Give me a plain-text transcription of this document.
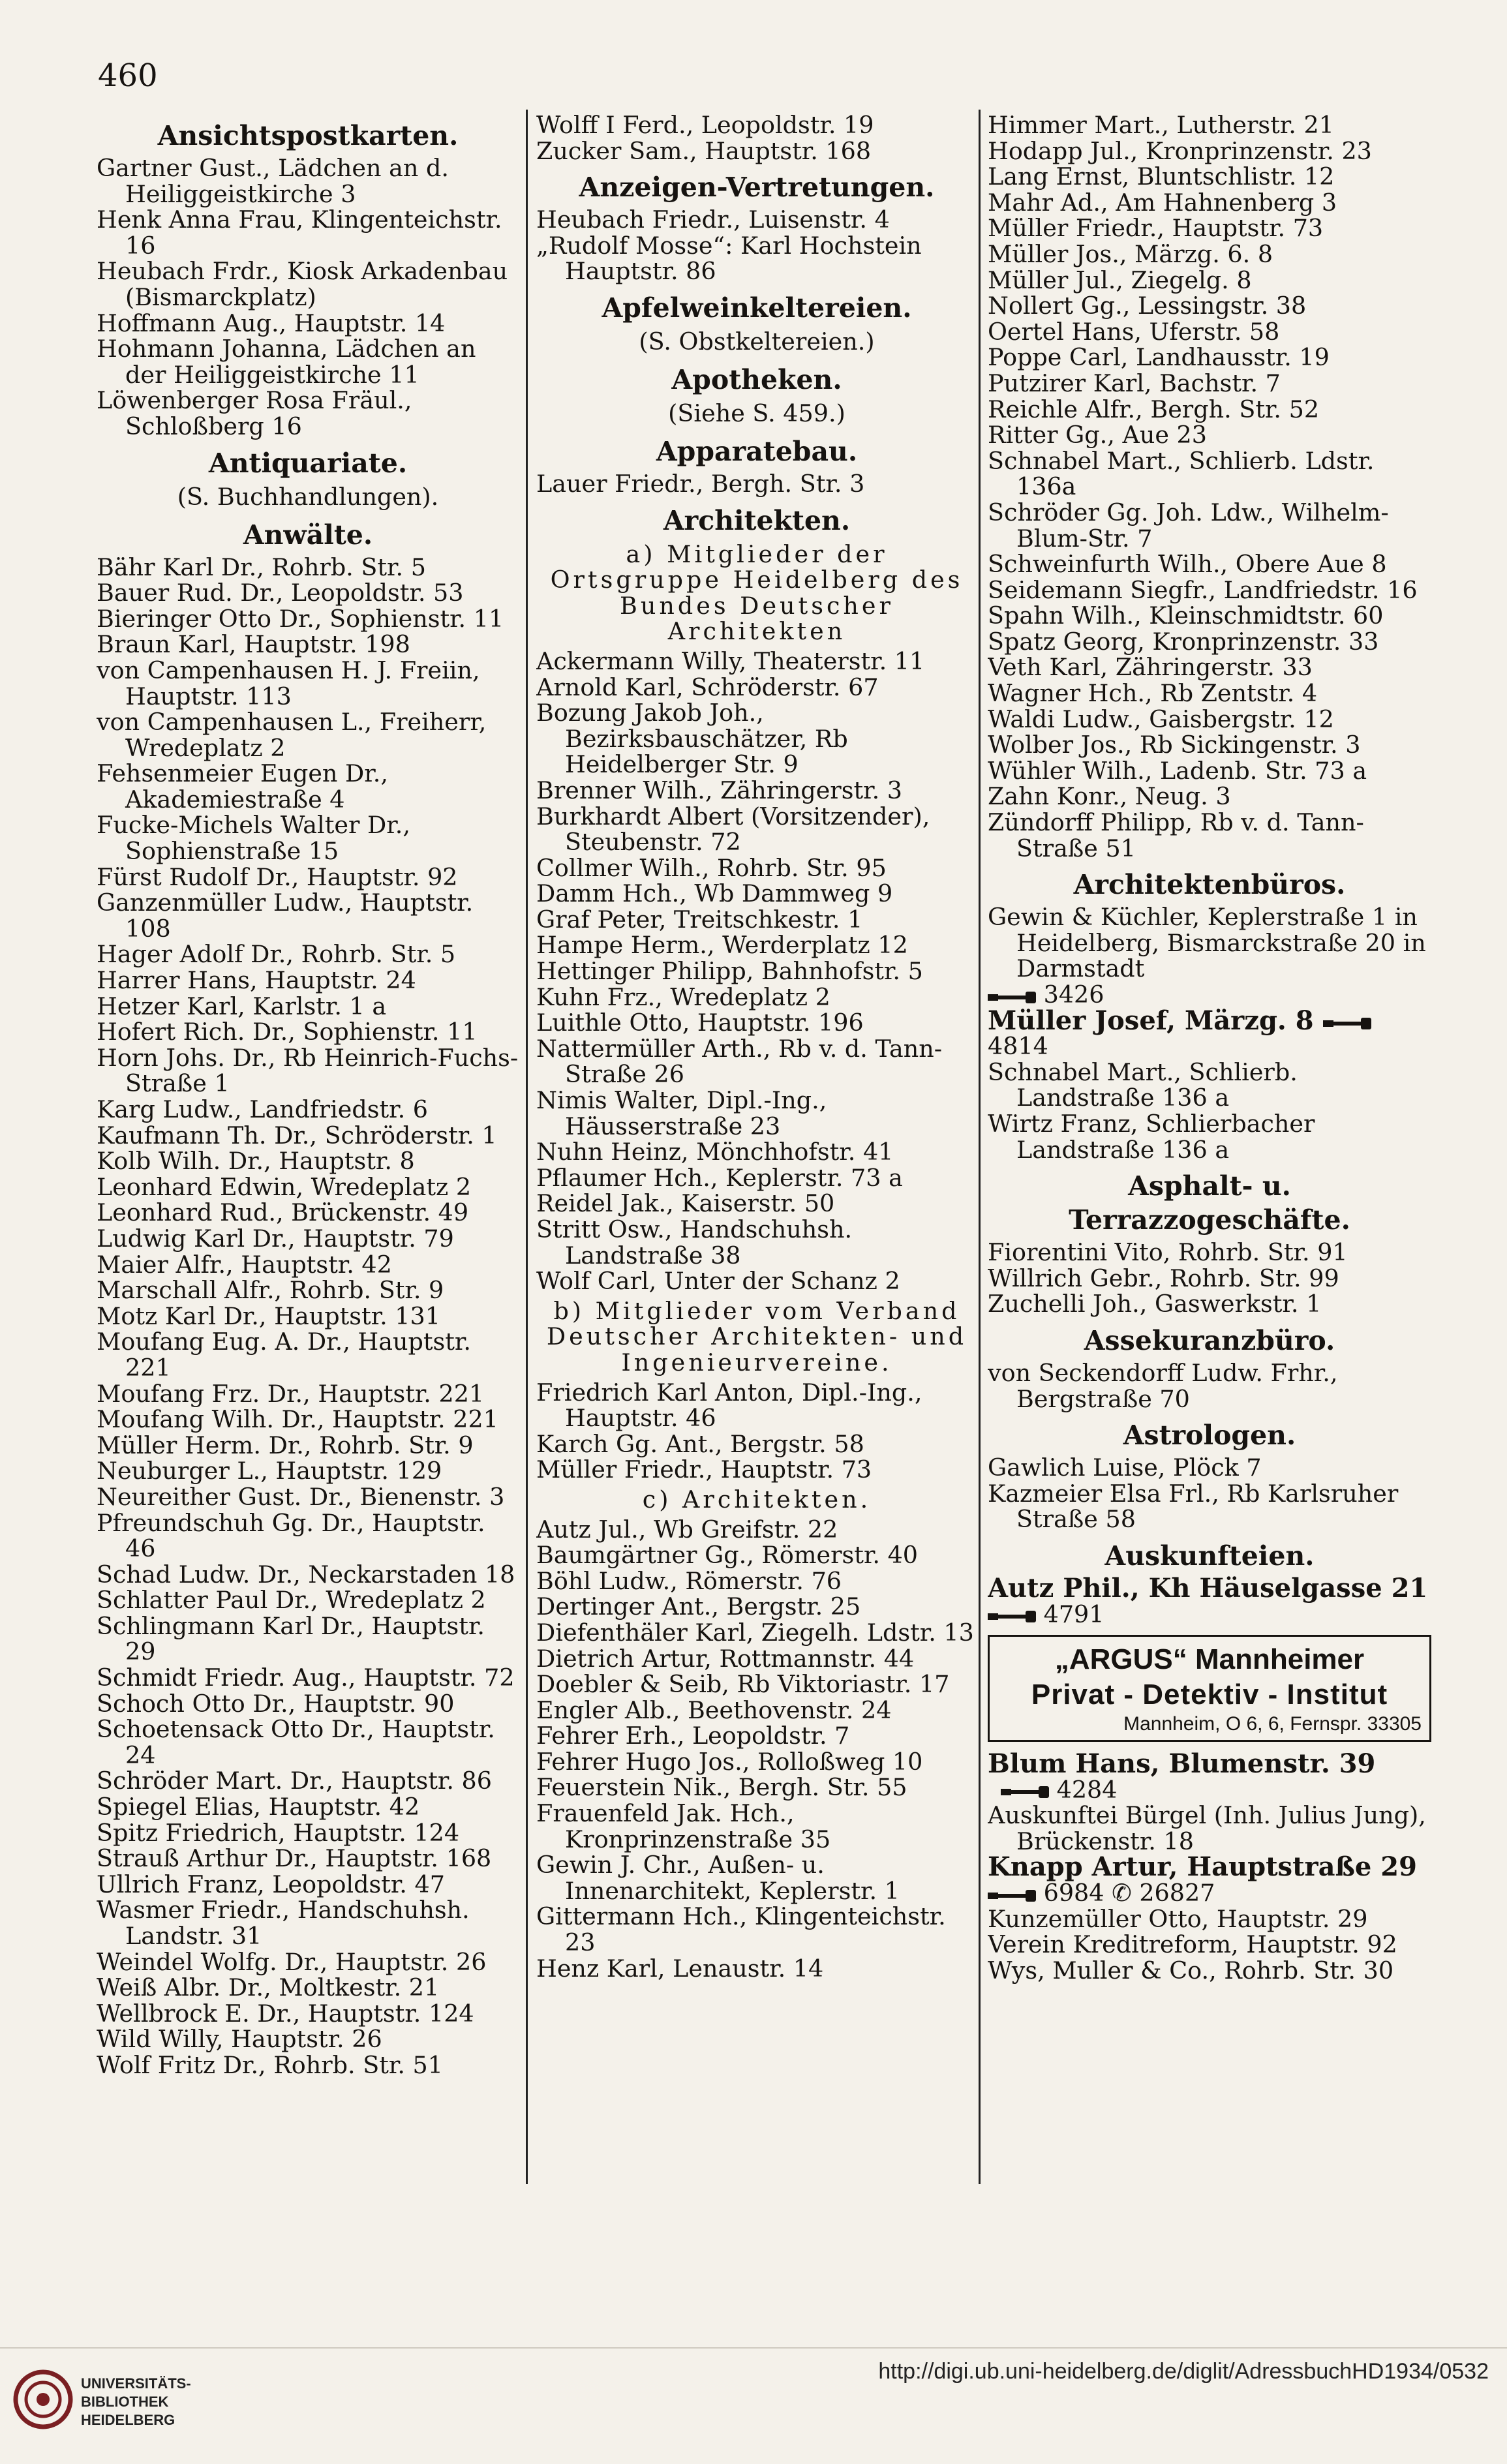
460
Ansichtspostkarten.
Gartner Gust., Lädchen an d. Heiliggeistkirche 3
Henk Anna Frau, Klingenteichstr. 16
Heubach Frdr., Kiosk Arkadenbau (Bismarckplatz)
Hoffmann Aug., Hauptstr. 14
Hohmann Johanna, Lädchen an der Heiliggeistkirche 11
Löwenberger Rosa Fräul., Schloßberg 16
Antiquariate.
(S. Buchhandlungen).
Anwälte.
Bähr Karl Dr., Rohrb. Str. 5
Bauer Rud. Dr., Leopoldstr. 53
Bieringer Otto Dr., Sophienstr. 11
Braun Karl, Hauptstr. 198
von Campenhausen H. J. Freiin, Hauptstr. 113
von Campenhausen L., Freiherr, Wredeplatz 2
Fehsenmeier Eugen Dr., Akademiestraße 4
Fucke-Michels Walter Dr., Sophienstraße 15
Fürst Rudolf Dr., Hauptstr. 92
Ganzenmüller Ludw., Hauptstr. 108
Hager Adolf Dr., Rohrb. Str. 5
Harrer Hans, Hauptstr. 24
Hetzer Karl, Karlstr. 1 a
Hofert Rich. Dr., Sophienstr. 11
Horn Johs. Dr., Rb Heinrich-Fuchs-Straße 1
Karg Ludw., Landfriedstr. 6
Kaufmann Th. Dr., Schröderstr. 1
Kolb Wilh. Dr., Hauptstr. 8
Leonhard Edwin, Wredeplatz 2
Leonhard Rud., Brückenstr. 49
Ludwig Karl Dr., Hauptstr. 79
Maier Alfr., Hauptstr. 42
Marschall Alfr., Rohrb. Str. 9
Motz Karl Dr., Hauptstr. 131
Moufang Eug. A. Dr., Hauptstr. 221
Moufang Frz. Dr., Hauptstr. 221
Moufang Wilh. Dr., Hauptstr. 221
Müller Herm. Dr., Rohrb. Str. 9
Neuburger L., Hauptstr. 129
Neureither Gust. Dr., Bienenstr. 3
Pfreundschuh Gg. Dr., Hauptstr. 46
Schad Ludw. Dr., Neckarstaden 18
Schlatter Paul Dr., Wredeplatz 2
Schlingmann Karl Dr., Hauptstr. 29
Schmidt Friedr. Aug., Hauptstr. 72
Schoch Otto Dr., Hauptstr. 90
Schoetensack Otto Dr., Hauptstr. 24
Schröder Mart. Dr., Hauptstr. 86
Spiegel Elias, Hauptstr. 42
Spitz Friedrich, Hauptstr. 124
Strauß Arthur Dr., Hauptstr. 168
Ullrich Franz, Leopoldstr. 47
Wasmer Friedr., Handschuhsh. Landstr. 31
Weindel Wolfg. Dr., Hauptstr. 26
Weiß Albr. Dr., Moltkestr. 21
Wellbrock E. Dr., Hauptstr. 124
Wild Willy, Hauptstr. 26
Wolf Fritz Dr., Rohrb. Str. 51
Wolff I Ferd., Leopoldstr. 19
Zucker Sam., Hauptstr. 168
Anzeigen-Vertretungen.
Heubach Friedr., Luisenstr. 4
„Rudolf Mosse“: Karl Hochstein Hauptstr. 86
Apfelweinkeltereien.
(S. Obstkeltereien.)
Apotheken.
(Siehe S. 459.)
Apparatebau.
Lauer Friedr., Bergh. Str. 3
Architekten.
a) Mitglieder der Ortsgruppe Heidelberg des Bundes Deutscher Architekten
Ackermann Willy, Theaterstr. 11
Arnold Karl, Schröderstr. 67
Bozung Jakob Joh., Bezirksbauschätzer, Rb Heidelberger Str. 9
Brenner Wilh., Zähringerstr. 3
Burkhardt Albert (Vorsitzender), Steubenstr. 72
Collmer Wilh., Rohrb. Str. 95
Damm Hch., Wb Dammweg 9
Graf Peter, Treitschkestr. 1
Hampe Herm., Werderplatz 12
Hettinger Philipp, Bahnhofstr. 5
Kuhn Frz., Wredeplatz 2
Luithle Otto, Hauptstr. 196
Nattermüller Arth., Rb v. d. Tann-Straße 26
Nimis Walter, Dipl.-Ing., Häusserstraße 23
Nuhn Heinz, Mönchhofstr. 41
Pflaumer Hch., Keplerstr. 73 a
Reidel Jak., Kaiserstr. 50
Stritt Osw., Handschuhsh. Landstraße 38
Wolf Carl, Unter der Schanz 2
b) Mitglieder vom Verband Deutscher Architekten- und Ingenieurvereine.
Friedrich Karl Anton, Dipl.-Ing., Hauptstr. 46
Karch Gg. Ant., Bergstr. 58
Müller Friedr., Hauptstr. 73
c) Architekten.
Autz Jul., Wb Greifstr. 22
Baumgärtner Gg., Römerstr. 40
Böhl Ludw., Römerstr. 76
Dertinger Ant., Bergstr. 25
Diefenthäler Karl, Ziegelh. Ldstr. 13
Dietrich Artur, Rottmannstr. 44
Doebler & Seib, Rb Viktoriastr. 17
Engler Alb., Beethovenstr. 24
Fehrer Erh., Leopoldstr. 7
Fehrer Hugo Jos., Rolloßweg 10
Feuerstein Nik., Bergh. Str. 55
Frauenfeld Jak. Hch., Kronprinzenstraße 35
Gewin J. Chr., Außen- u. Innenarchitekt, Keplerstr. 1
Gittermann Hch., Klingenteichstr. 23
Henz Karl, Lenaustr. 14
Himmer Mart., Lutherstr. 21
Hodapp Jul., Kronprinzenstr. 23
Lang Ernst, Bluntschlistr. 12
Mahr Ad., Am Hahnenberg 3
Müller Friedr., Hauptstr. 73
Müller Jos., Märzg. 6. 8
Müller Jul., Ziegelg. 8
Nollert Gg., Lessingstr. 38
Oertel Hans, Uferstr. 58
Poppe Carl, Landhausstr. 19
Putzirer Karl, Bachstr. 7
Reichle Alfr., Bergh. Str. 52
Ritter Gg., Aue 23
Schnabel Mart., Schlierb. Ldstr. 136a
Schröder Gg. Joh. Ldw., Wilhelm-Blum-Str. 7
Schweinfurth Wilh., Obere Aue 8
Seidemann Siegfr., Landfriedstr. 16
Spahn Wilh., Kleinschmidtstr. 60
Spatz Georg, Kronprinzenstr. 33
Veth Karl, Zähringerstr. 33
Wagner Hch., Rb Zentstr. 4
Waldi Ludw., Gaisbergstr. 12
Wolber Jos., Rb Sickingenstr. 3
Wühler Wilh., Ladenb. Str. 73 a
Zahn Konr., Neug. 3
Zündorff Philipp, Rb v. d. Tann-Straße 51
Architektenbüros.
Gewin & Küchler, Keplerstraße 1 in Heidelberg, Bismarckstraße 20 in Darmstadt
3426
Müller Josef, Märzg. 8
4814
Schnabel Mart., Schlierb. Landstraße 136 a
Wirtz Franz, Schlierbacher Landstraße 136 a
Asphalt- u. Terrazzogeschäfte.
Fiorentini Vito, Rohrb. Str. 91
Willrich Gebr., Rohrb. Str. 99
Zuchelli Joh., Gaswerkstr. 1
Assekuranzbüro.
von Seckendorff Ludw. Frhr., Bergstraße 70
Astrologen.
Gawlich Luise, Plöck 7
Kazmeier Elsa Frl., Rb Karlsruher Straße 58
Auskunfteien.
Autz Phil., Kh Häuselgasse 21
4791
„ARGUS“ Mannheimer
Privat - Detektiv - Institut
Mannheim, O 6, 6, Fernspr. 33305
Blum Hans, Blumenstr. 39
4284
Auskunftei Bürgel (Inh. Julius Jung), Brückenstr. 18
Knapp Artur, Hauptstraße 29
6984 ✆ 26827
Kunzemüller Otto, Hauptstr. 29
Verein Kreditreform, Hauptstr. 92
Wys, Muller & Co., Rohrb. Str. 30
UNIVERSITÄTS-
BIBLIOTHEK
HEIDELBERG
http://digi.ub.uni-heidelberg.de/diglit/AdressbuchHD1934/0532
